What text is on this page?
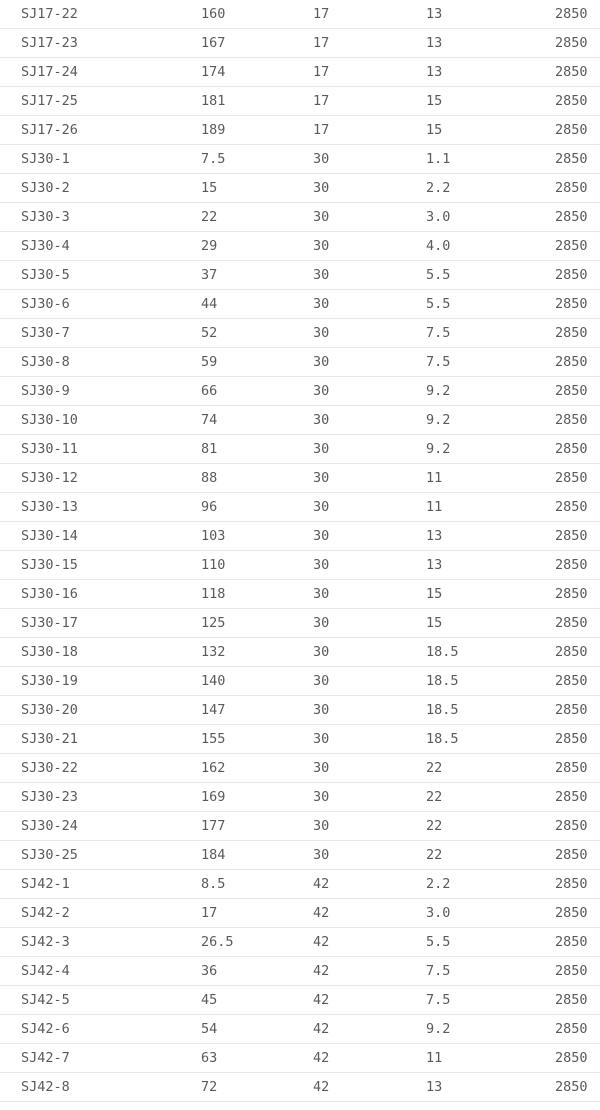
SJ17-22	160	17	13	2850
SJ17-23	167	17	13	2850
SJ17-24	174	17	13	2850
SJ17-25	181	17	15	2850
SJ17-26	189	17	15	2850
SJ30-1	7.5	30	1.1	2850
SJ30-2	15	30	2.2	2850
SJ30-3	22	30	3.0	2850
SJ30-4	29	30	4.0	2850
SJ30-5	37	30	5.5	2850
SJ30-6	44	30	5.5	2850
SJ30-7	52	30	7.5	2850
SJ30-8	59	30	7.5	2850
SJ30-9	66	30	9.2	2850
SJ30-10	74	30	9.2	2850
SJ30-11	81	30	9.2	2850
SJ30-12	88	30	11	2850
SJ30-13	96	30	11	2850
SJ30-14	103	30	13	2850
SJ30-15	110	30	13	2850
SJ30-16	118	30	15	2850
SJ30-17	125	30	15	2850
SJ30-18	132	30	18.5	2850
SJ30-19	140	30	18.5	2850
SJ30-20	147	30	18.5	2850
SJ30-21	155	30	18.5	2850
SJ30-22	162	30	22	2850
SJ30-23	169	30	22	2850
SJ30-24	177	30	22	2850
SJ30-25	184	30	22	2850
SJ42-1	8.5	42	2.2	2850
SJ42-2	17	42	3.0	2850
SJ42-3	26.5	42	5.5	2850
SJ42-4	36	42	7.5	2850
SJ42-5	45	42	7.5	2850
SJ42-6	54	42	9.2	2850
SJ42-7	63	42	11	2850
SJ42-8	72	42	13	2850
